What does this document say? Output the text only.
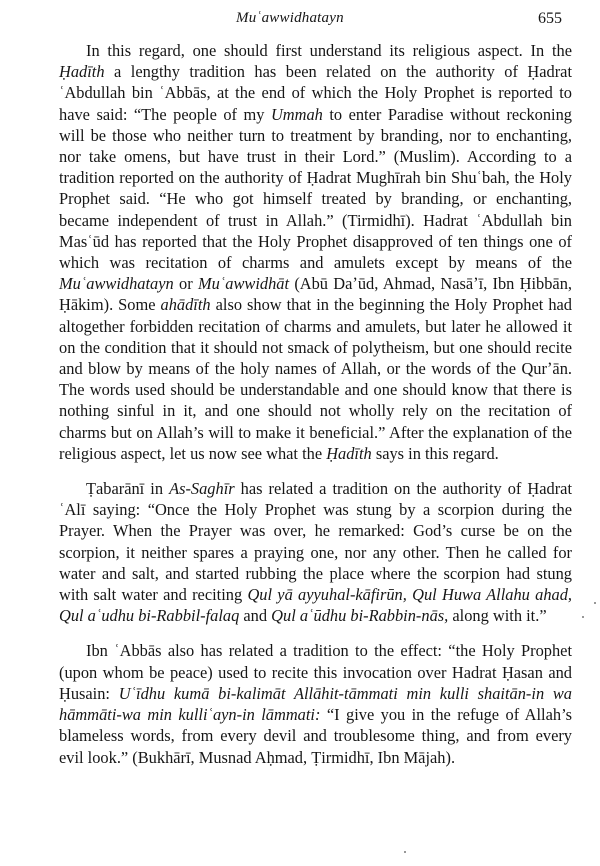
Muʿawwidhatayn	655

In this regard, one should first understand its religious aspect. In the Ḥadīth a lengthy tradition has been related on the authority of Ḥadrat ʿAbdullah bin ʿAbbās, at the end of which the Holy Prophet is reported to have said: “The people of my Ummah to enter Paradise without reckoning will be those who neither turn to treatment by branding, nor to enchanting, nor take omens, but have trust in their Lord.” (Muslim). According to a tradition reported on the authority of Ḥadrat Mughīrah bin Shuʿbah, the Holy Prophet said. “He who got himself treated by branding, or enchanting, became independent of trust in Allah.” (Tirmidhī). Hadrat ʿAbdullah bin Masʿūd has reported that the Holy Prophet disapproved of ten things one of which was recitation of charms and amulets except by means of the Muʿawwidhatayn or Muʿawwidhāt (Abū Daʼūd, Ahmad, Nasāʼī, Ibn Ḥibbān, Ḥākim). Some ahādīth also show that in the beginning the Holy Prophet had altogether forbidden recitation of charms and amulets, but later he allowed it on the condition that it should not smack of polytheism, but one should recite and blow by means of the holy names of Allah, or the words of the Qurʼān. The words used should be understandable and one should know that there is nothing sinful in it, and one should not wholly rely on the recitation of charms but on Allah’s will to make it beneficial.” After the explanation of the religious aspect, let us now see what the Ḥadīth says in this regard.

Ṭabarānī in As-Saghīr has related a tradition on the authority of Ḥadrat ʿAlī saying: “Once the Holy Prophet was stung by a scorpion during the Prayer. When the Prayer was over, he remarked: God’s curse be on the scorpion, it neither spares a praying one, nor any other. Then he called for water and salt, and started rubbing the place where the scorpion had stung with salt water and reciting Qul yā ayyuhal-kāfirūn, Qul Huwa Allahu ahad, Qul aʿudhu bi-Rabbil-falaq and Qul aʿūdhu bi-Rabbin-nās, along with it.”

Ibn ʿAbbās also has related a tradition to the effect: “the Holy Prophet (upon whom be peace) used to recite this invocation over Hadrat Ḥasan and Ḥusain: Uʿīdhu kumā bi-kalimāt Allāhit-tāmmati min kulli shaitān-in wa hāmmāti-wa min kulliʿayn-in lāmmati: “I give you in the refuge of Allah’s blameless words, from every devil and troublesome thing, and from every evil look.” (Bukhārī, Musnad Aḥmad, Ṭirmidhī, Ibn Mājah).
